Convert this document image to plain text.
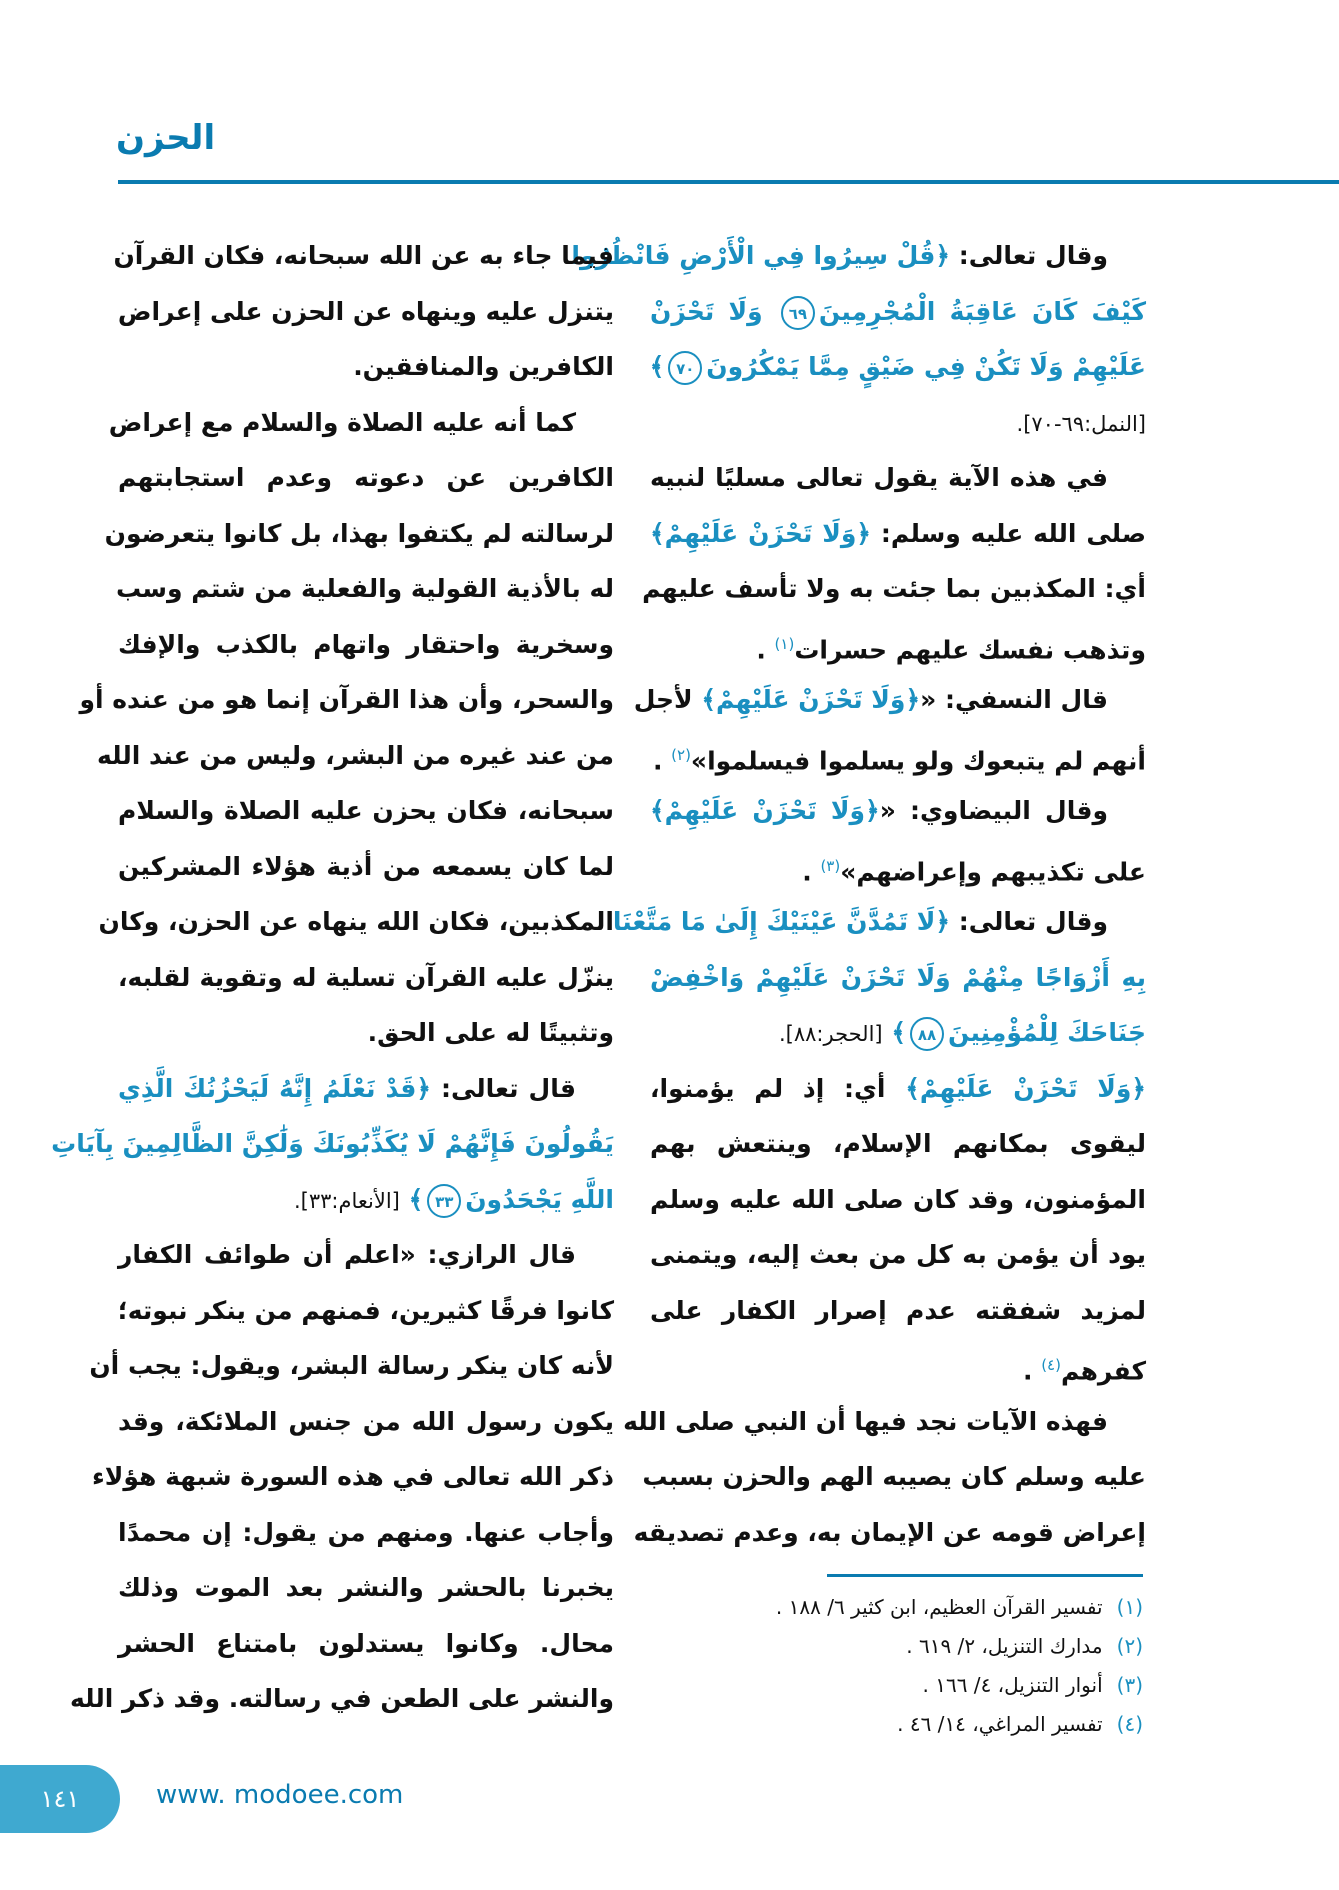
الحزن
وقال تعالى: ﴿قُلْ سِيرُوا فِي الْأَرْضِ فَانْظُرُوا
كَيْفَ كَانَ عَاقِبَةُ الْمُجْرِمِينَ٦٩ وَلَا تَحْزَنْ
عَلَيْهِمْ وَلَا تَكُنْ فِي ضَيْقٍ مِمَّا يَمْكُرُونَ٧٠﴾
[النمل:٦٩-٧٠].
في هذه الآية يقول تعالى مسليًا لنبيه
صلى الله عليه وسلم: ﴿وَلَا تَحْزَنْ عَلَيْهِمْ﴾
أي: المكذبين بما جئت به ولا تأسف عليهم
وتذهب نفسك عليهم حسرات$^{(١)}$ .
قال النسفي: «﴿وَلَا تَحْزَنْ عَلَيْهِمْ﴾ لأجل
أنهم لم يتبعوك ولو يسلموا فيسلموا»$^{(٢)}$ .
وقال البيضاوي: «﴿وَلَا تَحْزَنْ عَلَيْهِمْ﴾
على تكذيبهم وإعراضهم»$^{(٣)}$ .
وقال تعالى: ﴿لَا تَمُدَّنَّ عَيْنَيْكَ إِلَىٰ مَا مَتَّعْنَا
بِهِ أَزْوَاجًا مِنْهُمْ وَلَا تَحْزَنْ عَلَيْهِمْ وَاخْفِضْ
جَنَاحَكَ لِلْمُؤْمِنِينَ٨٨﴾ [الحجر:٨٨].
﴿وَلَا تَحْزَنْ عَلَيْهِمْ﴾ أي: إذ لم يؤمنوا،
ليقوى بمكانهم الإسلام، وينتعش بهم
المؤمنون، وقد كان صلى الله عليه وسلم
يود أن يؤمن به كل من بعث إليه، ويتمنى
لمزيد شفقته عدم إصرار الكفار على
كفرهم$^{(٤)}$ .
فهذه الآيات نجد فيها أن النبي صلى الله
عليه وسلم كان يصيبه الهم والحزن بسبب
إعراض قومه عن الإيمان به، وعدم تصديقه
فيما جاء به عن الله سبحانه، فكان القرآن
يتنزل عليه وينهاه عن الحزن على إعراض
الكافرين والمنافقين.
كما أنه عليه الصلاة والسلام مع إعراض
الكافرين عن دعوته وعدم استجابتهم
لرسالته لم يكتفوا بهذا، بل كانوا يتعرضون
له بالأذية القولية والفعلية من شتم وسب
وسخرية واحتقار واتهام بالكذب والإفك
والسحر، وأن هذا القرآن إنما هو من عنده أو
من عند غيره من البشر، وليس من عند الله
سبحانه، فكان يحزن عليه الصلاة والسلام
لما كان يسمعه من أذية هؤلاء المشركين
المكذبين، فكان الله ينهاه عن الحزن، وكان
ينزّل عليه القرآن تسلية له وتقوية لقلبه،
وتثبيتًا له على الحق.
قال تعالى: ﴿قَدْ نَعْلَمُ إِنَّهُ لَيَحْزُنُكَ الَّذِي
يَقُولُونَ فَإِنَّهُمْ لَا يُكَذِّبُونَكَ وَلَٰكِنَّ الظَّالِمِينَ بِآيَاتِ
اللَّهِ يَجْحَدُونَ٣٣﴾ [الأنعام:٣٣].
قال الرازي: «اعلم أن طوائف الكفار
كانوا فرقًا كثيرين، فمنهم من ينكر نبوته؛
لأنه كان ينكر رسالة البشر، ويقول: يجب أن
يكون رسول الله من جنس الملائكة، وقد
ذكر الله تعالى في هذه السورة شبهة هؤلاء
وأجاب عنها. ومنهم من يقول: إن محمدًا
يخبرنا بالحشر والنشر بعد الموت وذلك
محال. وكانوا يستدلون بامتناع الحشر
والنشر على الطعن في رسالته. وقد ذكر الله
(١)تفسير القرآن العظيم، ابن كثير ٦/ ١٨٨ .
(٢)مدارك التنزيل، ٢/ ٦١٩ .
(٣)أنوار التنزيل، ٤/ ١٦٦ .
(٤)تفسير المراغي، ١٤/ ٤٦ .
١٤١	www. modoee.com
